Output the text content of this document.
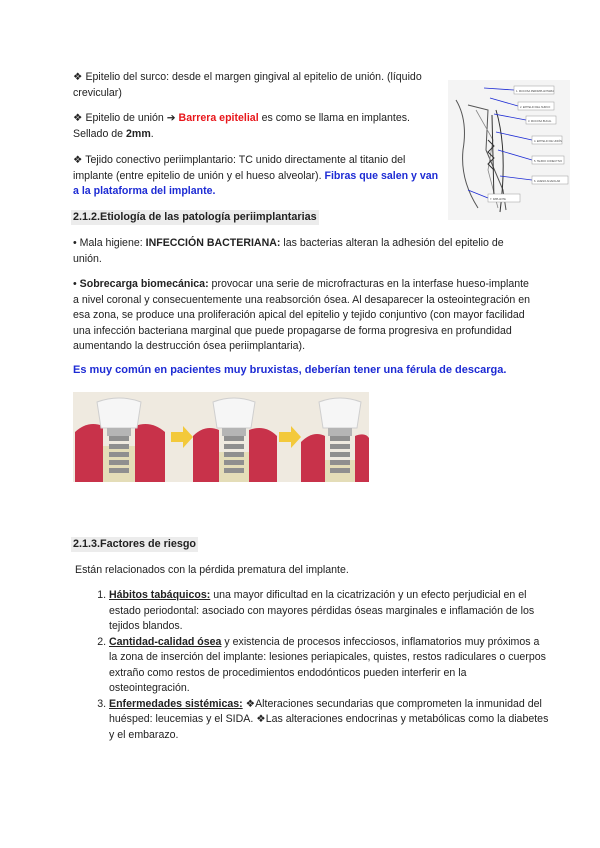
❖ Epitelio del surco: desde el margen gingival al epitelio de unión. (líquido crevicular)

❖ Epitelio de unión ➔ Barrera epitelial es como se llama en implantes. Sellado de 2mm.

❖ Tejido conectivo periimplantario: TC unido directamente al titanio del implante (entre epitelio de unión y el hueso alveolar). Fibras que salen y van a la plataforma del implante.

1. MUCOSA PERIIMPLANTARIA
2. EPITELIO DEL SURCO
3. MUCOSA BUCAL
4. EPITELIO DE UNIÓN
5. TEJIDO CONECTIVO
6. HUESO ALVEOLAR
7. IMPLANTE
2.1.2.Etiología de las patología periimplantarias

• Mala higiene: INFECCIÓN BACTERIANA: las bacterias alteran la adhesión del epitelio de unión.

• Sobrecarga biomecánica: provocar una serie de microfracturas en la interfase hueso-implante a nivel coronal y consecuentemente una reabsorción ósea. Al desaparecer la osteointegración en esa zona, se produce una proliferación apical del epitelio y tejido conjuntivo (con mayor facilidad una infección bacteriana marginal que puede propagarse de forma progresiva en profundidad aumentando la destrucción ósea periimplantaria).

Es muy común en pacientes muy bruxistas, deberían tener una férula de descarga.

2.1.3.Factores de riesgo

Están relacionados con la pérdida prematura del implante.

1. Hábitos tabáquicos: una mayor dificultad en la cicatrización y un efecto perjudicial en el estado periodontal: asociado con mayores pérdidas óseas marginales e inflamación de los tejidos blandos.
2. Cantidad-calidad ósea y existencia de procesos infecciosos, inflamatorios muy próximos a la zona de inserción del implante: lesiones periapicales, quistes, restos radiculares o cuerpos extraño como restos de procedimientos endodónticos pueden interferir en la osteointegración.
3. Enfermedades sistémicas: ❖Alteraciones secundarias que comprometen la inmunidad del huésped: leucemias y el SIDA. ❖Las alteraciones endocrinas y metabólicas como la diabetes y el embarazo.
